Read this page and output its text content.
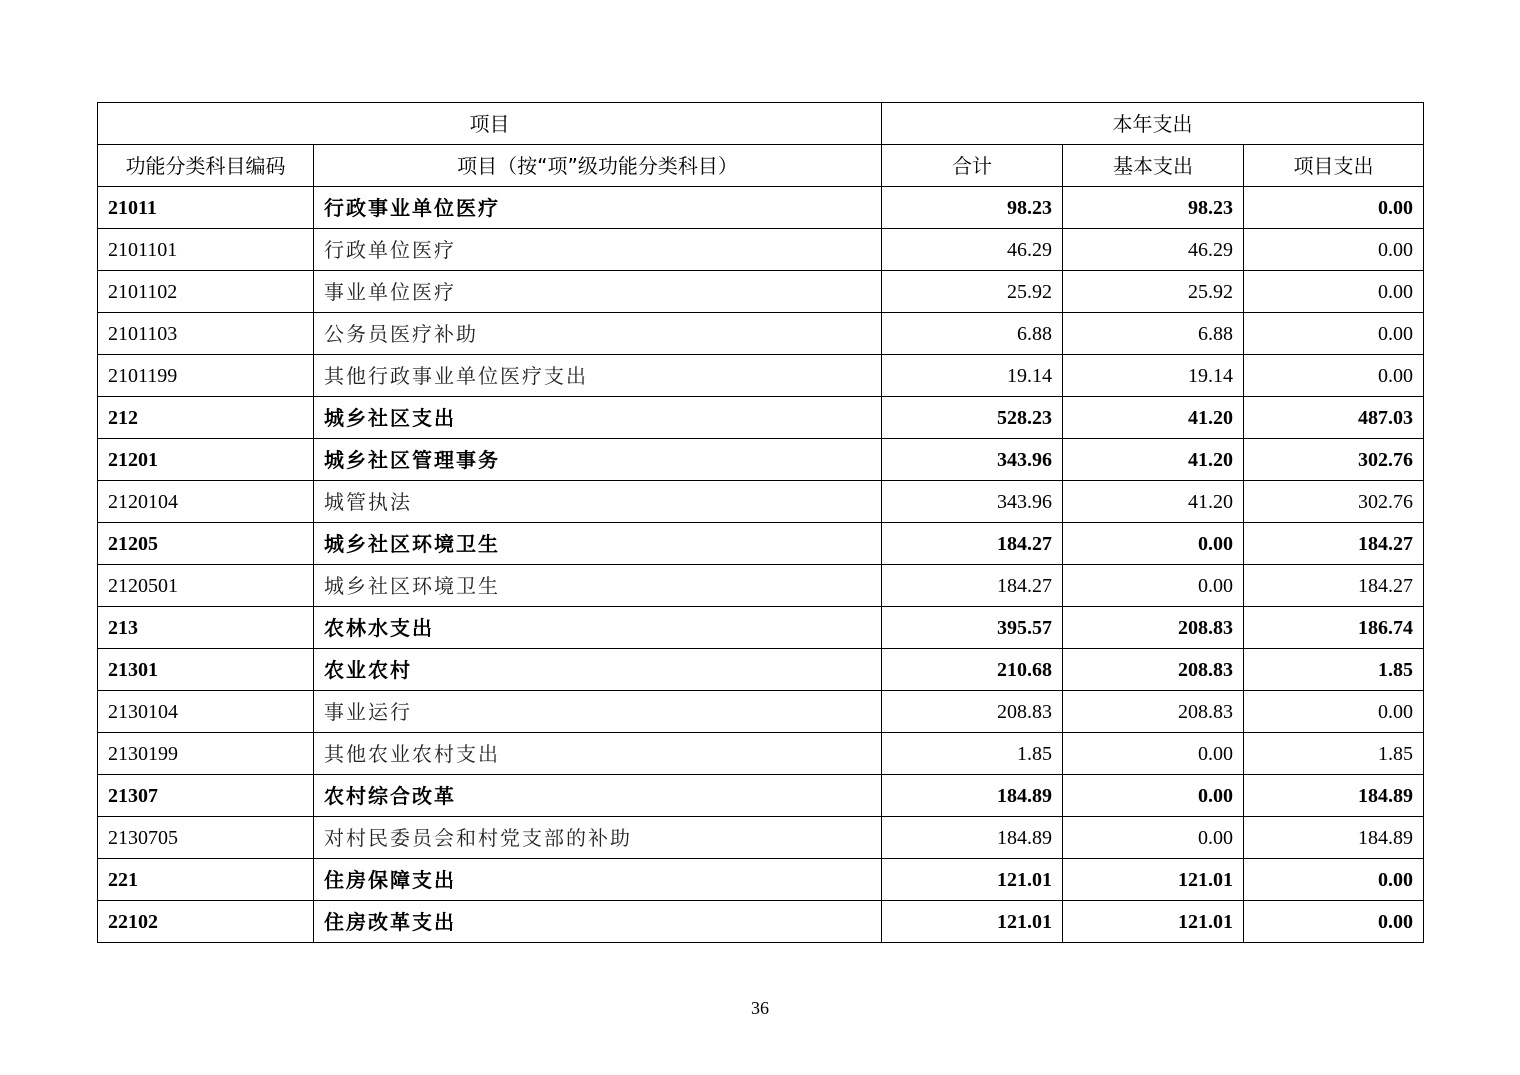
项目		本年支出		
功能分类科目编码	项目（按“项”级功能分类科目）	合计	基本支出	项目支出
21011	行政事业单位医疗	98.23	98.23	0.00
2101101	行政单位医疗	46.29	46.29	0.00
2101102	事业单位医疗	25.92	25.92	0.00
2101103	公务员医疗补助	6.88	6.88	0.00
2101199	其他行政事业单位医疗支出	19.14	19.14	0.00
212	城乡社区支出	528.23	41.20	487.03
21201	城乡社区管理事务	343.96	41.20	302.76
2120104	城管执法	343.96	41.20	302.76
21205	城乡社区环境卫生	184.27	0.00	184.27
2120501	城乡社区环境卫生	184.27	0.00	184.27
213	农林水支出	395.57	208.83	186.74
21301	农业农村	210.68	208.83	1.85
2130104	事业运行	208.83	208.83	0.00
2130199	其他农业农村支出	1.85	0.00	1.85
21307	农村综合改革	184.89	0.00	184.89
2130705	对村民委员会和村党支部的补助	184.89	0.00	184.89
221	住房保障支出	121.01	121.01	0.00
22102	住房改革支出	121.01	121.01	0.00
36
